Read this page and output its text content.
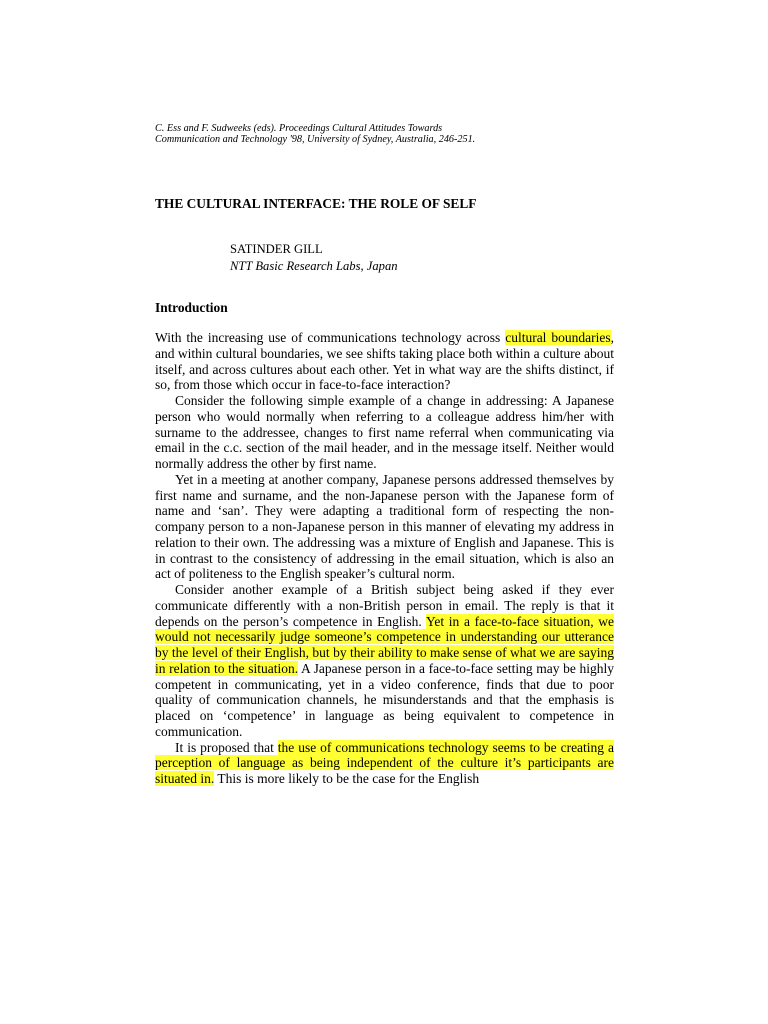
C. Ess and F. Sudweeks (eds). Proceedings Cultural Attitudes Towards
Communication and Technology '98, University of Sydney, Australia, 246-251.
THE CULTURAL INTERFACE: THE ROLE OF SELF
SATINDER GILL
NTT Basic Research Labs, Japan
Introduction

With the increasing use of communications technology across cultural boundaries, and within cultural boundaries, we see shifts taking place both within a culture about itself, and across cultures about each other. Yet in what way are the shifts distinct, if so, from those which occur in face-to-face interaction?

Consider the following simple example of a change in addressing: A Japanese person who would normally when referring to a colleague address him/her with surname to the addressee, changes to first name referral when communicating via email in the c.c. section of the mail header, and in the message itself. Neither would normally address the other by first name.

Yet in a meeting at another company, Japanese persons addressed themselves by first name and surname, and the non-Japanese person with the Japanese form of name and ‘san’. They were adapting a traditional form of respecting the non-company person to a non-Japanese person in this manner of elevating my address in relation to their own. The addressing was a mixture of English and Japanese. This is in contrast to the consistency of addressing in the email situation, which is also an act of politeness to the English speaker’s cultural norm.

Consider another example of a British subject being asked if they ever communicate differently with a non-British person in email. The reply is that it depends on the person’s competence in English. Yet in a face-to-face situation, we would not necessarily judge someone’s competence in understanding our utterance by the level of their English, but by their ability to make sense of what we are saying in relation to the situation. A Japanese person in a face-to-face setting may be highly competent in communicating, yet in a video conference, finds that due to poor quality of communication channels, he misunderstands and that the emphasis is placed on ‘competence’ in language as being equivalent to competence in communication.

It is proposed that the use of communications technology seems to be creating a perception of language as being independent of the culture it’s participants are situated in. This is more likely to be the case for the English
